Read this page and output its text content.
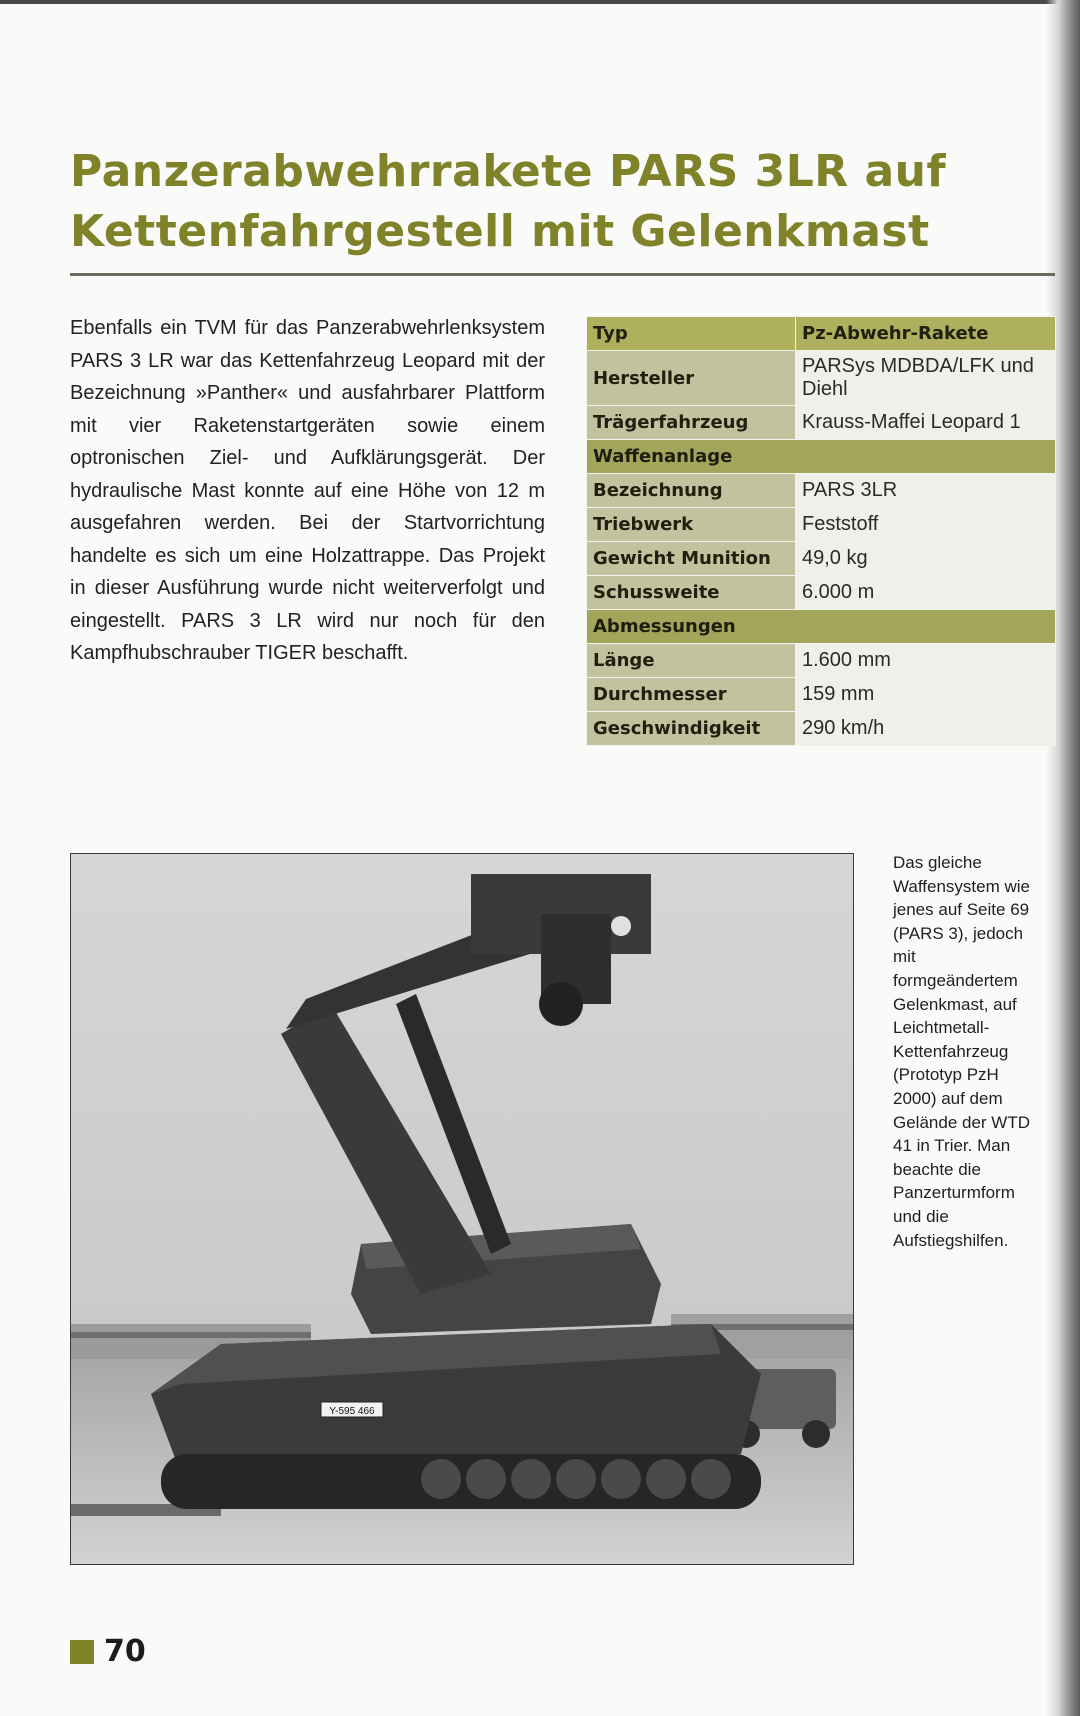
Panzerabwehrrakete PARS 3LR auf
Kettenfahrgestell mit Gelenkmast

Ebenfalls ein TVM für das Panzerabwehrlenksystem PARS 3 LR war das Kettenfahrzeug Leopard mit der Bezeichnung »Panther« und ausfahrbarer Plattform mit vier Raketenstartgeräten sowie einem optronischen Ziel- und Aufklärungsgerät. Der hydraulische Mast konnte auf eine Höhe von 12 m ausgefahren werden. Bei der Startvorrichtung handelte es sich um eine Holzattrappe. Das Projekt in dieser Ausführung wurde nicht weiterverfolgt und eingestellt. PARS 3 LR wird nur noch für den Kampfhubschrauber TIGER beschafft.

Typ	Pz-Abwehr-Rakete
Hersteller	PARSys MDBDA/LFK und Diehl

Trägerfahrzeug	Krauss-Maffei Leopard 1
Waffenanlage	
Bezeichnung	PARS 3LR
Triebwerk	Feststoff
Gewicht Munition	49,0 kg
Schussweite	6.000 m
Abmessungen	
Länge	1.600 mm
Durchmesser	159 mm
Geschwindigkeit	290 km/h
Y-595 466

Das gleiche Waffensystem wie jenes auf Seite 69 (PARS 3), jedoch mit formgeändertem Gelenkmast, auf Leichtmetall-Kettenfahrzeug (Prototyp PzH 2000) auf dem Gelände der WTD 41 in Trier. Man beachte die Panzerturmform und die Aufstiegshilfen.

70
